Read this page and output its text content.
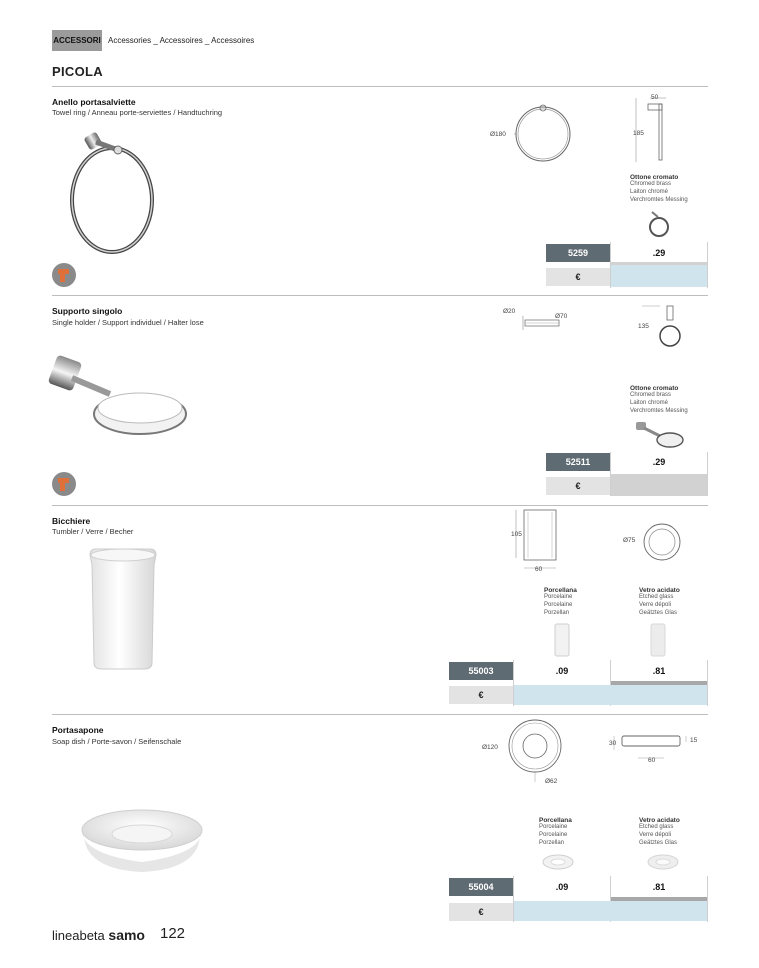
ACCESSORI Accessories _ Accessoires _ Accessoires
PICOLA
Anello portasalviette
Towel ring / Anneau porte-serviettes / Handtuchring
Ø180
50
185
Ottone cromato
Chromed brass
Laiton chromé
Verchromtes Messing
5259	.29
€
Supporto singolo
Single holder / Support individuel / Halter lose
Ø20
Ø70
135
Ottone cromato
Chromed brass
Laiton chromé
Verchromtes Messing
52511	.29
€
Bicchiere
Tumbler / Verre / Becher	105
60
Ø75
Porcellana
Porcelaine
Porcelaine
Porzellan
Vetro acidato
Etched glass
Verre dépoli
Geätztes Glas
55003	.09	.81
€
Portasapone
Soap dish / Porte-savon / Seifenschale
Ø120
Ø62
30	15
60
Porcellana
Porcelaine
Porcelaine
Porzellan
Vetro acidato
Etched glass
Verre dépoli
Geätztes Glas
55004	.09	.81
€
lineabeta samo 122
